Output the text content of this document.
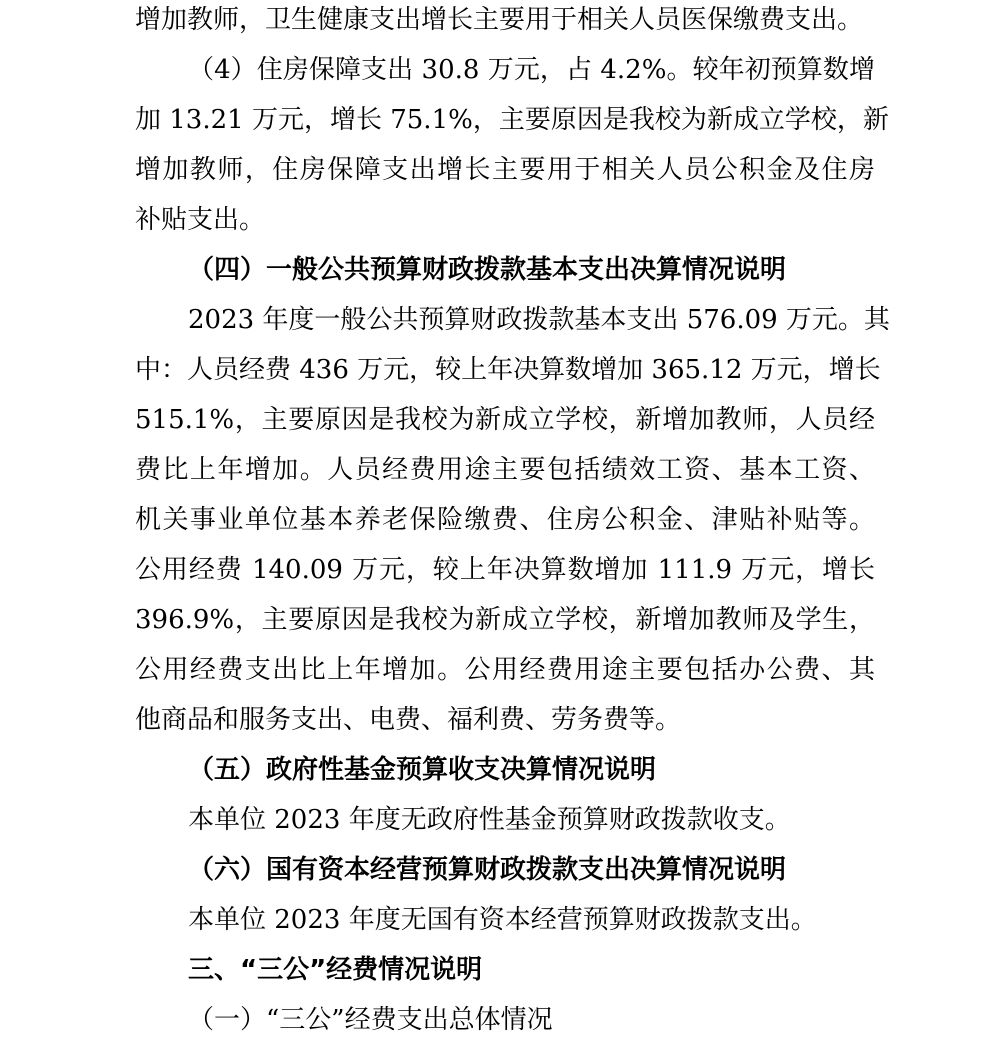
增加教师，卫生健康支出增长主要用于相关人员医保缴费支出。
（4）住房保障支出 30.8 万元，占 4.2%。较年初预算数增
加 13.21 万元，增长 75.1%，主要原因是我校为新成立学校，新
增加教师，住房保障支出增长主要用于相关人员公积金及住房
补贴支出。
（四）一般公共预算财政拨款基本支出决算情况说明
2023 年度一般公共预算财政拨款基本支出 576.09 万元。其
中：人员经费 436 万元，较上年决算数增加 365.12 万元，增长
515.1%，主要原因是我校为新成立学校，新增加教师，人员经
费比上年增加。人员经费用途主要包括绩效工资、基本工资、
机关事业单位基本养老保险缴费、住房公积金、津贴补贴等。
公用经费 140.09 万元，较上年决算数增加 111.9 万元，增长
396.9%，主要原因是我校为新成立学校，新增加教师及学生，
公用经费支出比上年增加。公用经费用途主要包括办公费、其
他商品和服务支出、电费、福利费、劳务费等。
（五）政府性基金预算收支决算情况说明
本单位 2023 年度无政府性基金预算财政拨款收支。
（六）国有资本经营预算财政拨款支出决算情况说明
本单位 2023 年度无国有资本经营预算财政拨款支出。
三、“三公”经费情况说明
（一）“三公”经费支出总体情况
